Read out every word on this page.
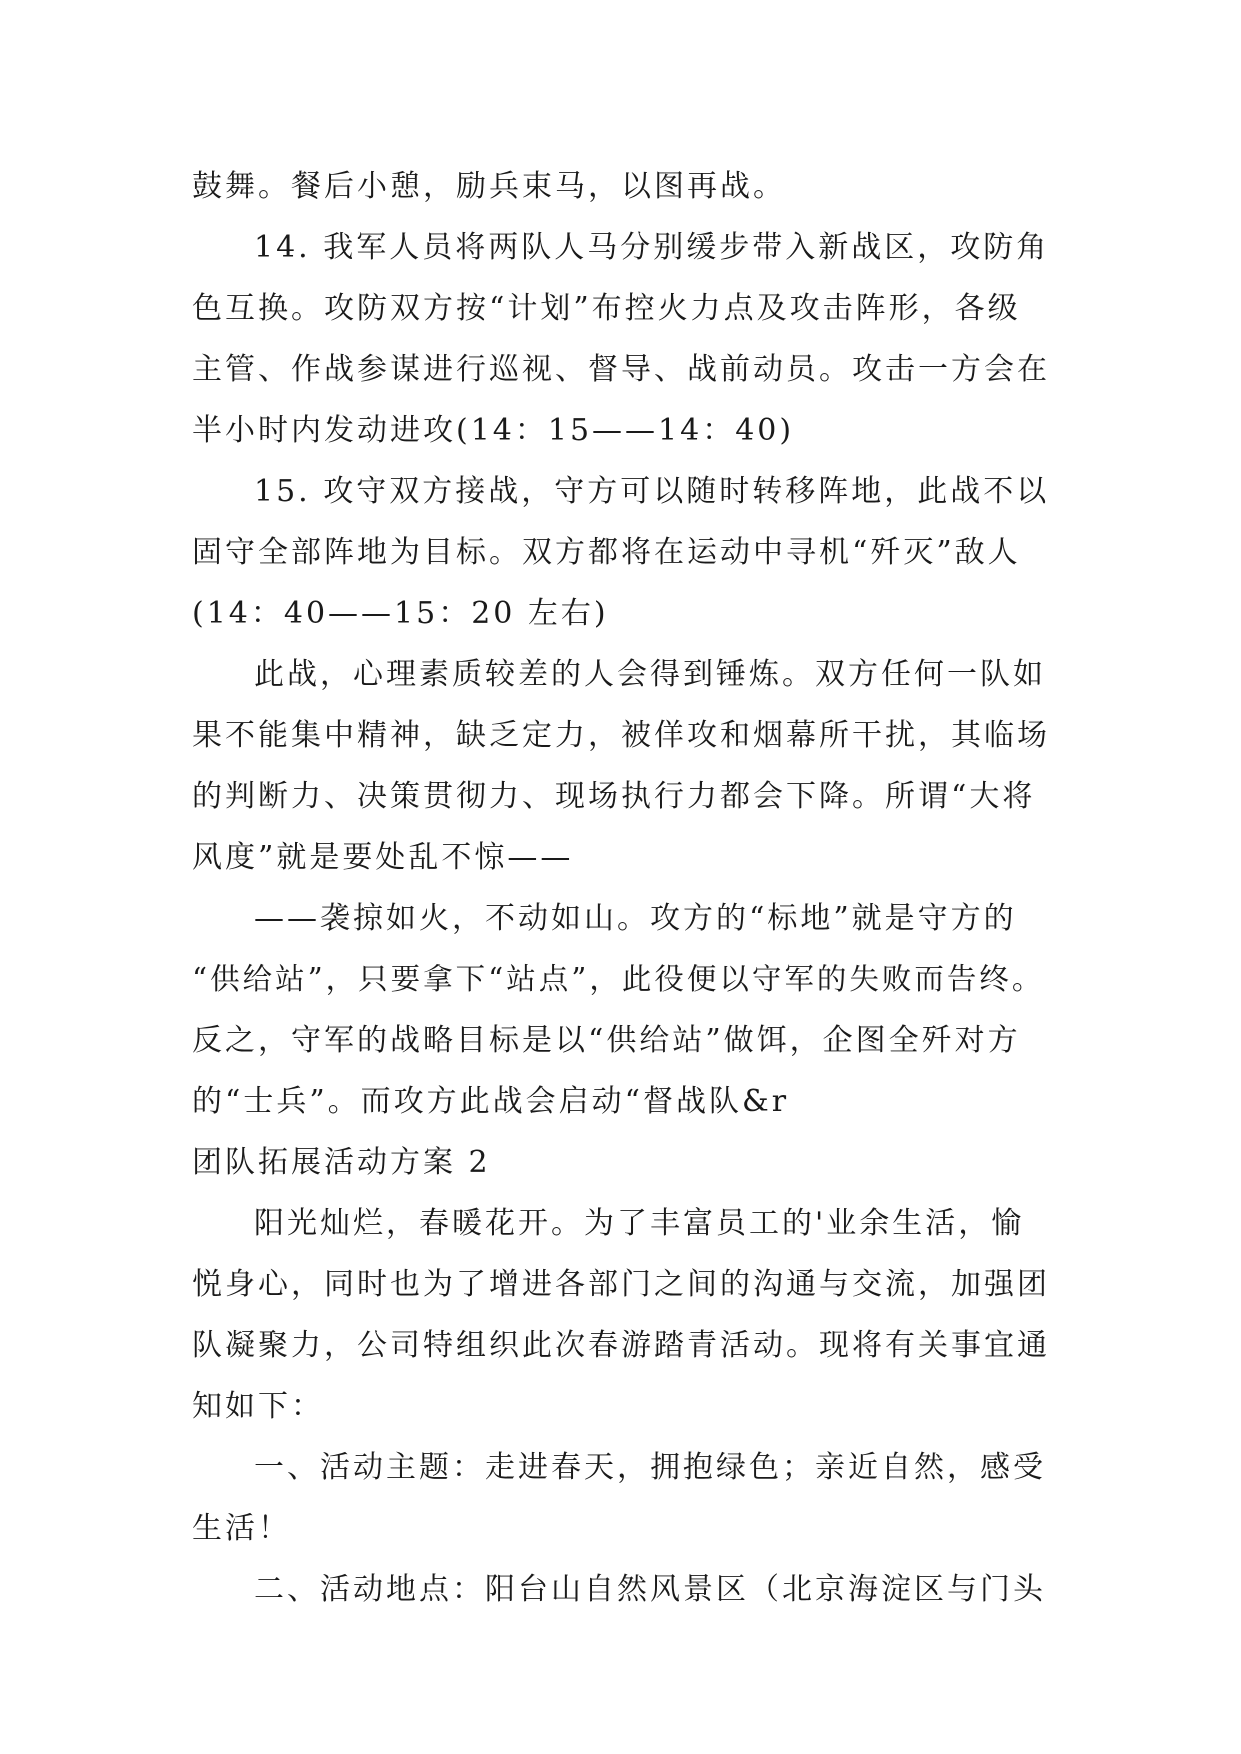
鼓舞。餐后小憩，励兵束马，以图再战。
14. 我军人员将两队人马分别缓步带入新战区，攻防角
色互换。攻防双方按“计划”布控火力点及攻击阵形，各级
主管、作战参谋进行巡视、督导、战前动员。攻击一方会在
半小时内发动进攻(14：15——14：40)
15. 攻守双方接战，守方可以随时转移阵地，此战不以
固守全部阵地为目标。双方都将在运动中寻机“歼灭”敌人
(14：40——15：20 左右)
此战，心理素质较差的人会得到锤炼。双方任何一队如
果不能集中精神，缺乏定力，被佯攻和烟幕所干扰，其临场
的判断力、决策贯彻力、现场执行力都会下降。所谓“大将
风度”就是要处乱不惊——
——袭掠如火，不动如山。攻方的“标地”就是守方的
“供给站”，只要拿下“站点”，此役便以守军的失败而告终。
反之，守军的战略目标是以“供给站”做饵，企图全歼对方
的“士兵”。而攻方此战会启动“督战队&r
团队拓展活动方案 2
阳光灿烂，春暖花开。为了丰富员工的'业余生活，愉
悦身心，同时也为了增进各部门之间的沟通与交流，加强团
队凝聚力，公司特组织此次春游踏青活动。现将有关事宜通
知如下：
一、活动主题：走进春天，拥抱绿色；亲近自然，感受
生活！
二、活动地点：阳台山自然风景区（北京海淀区与门头
